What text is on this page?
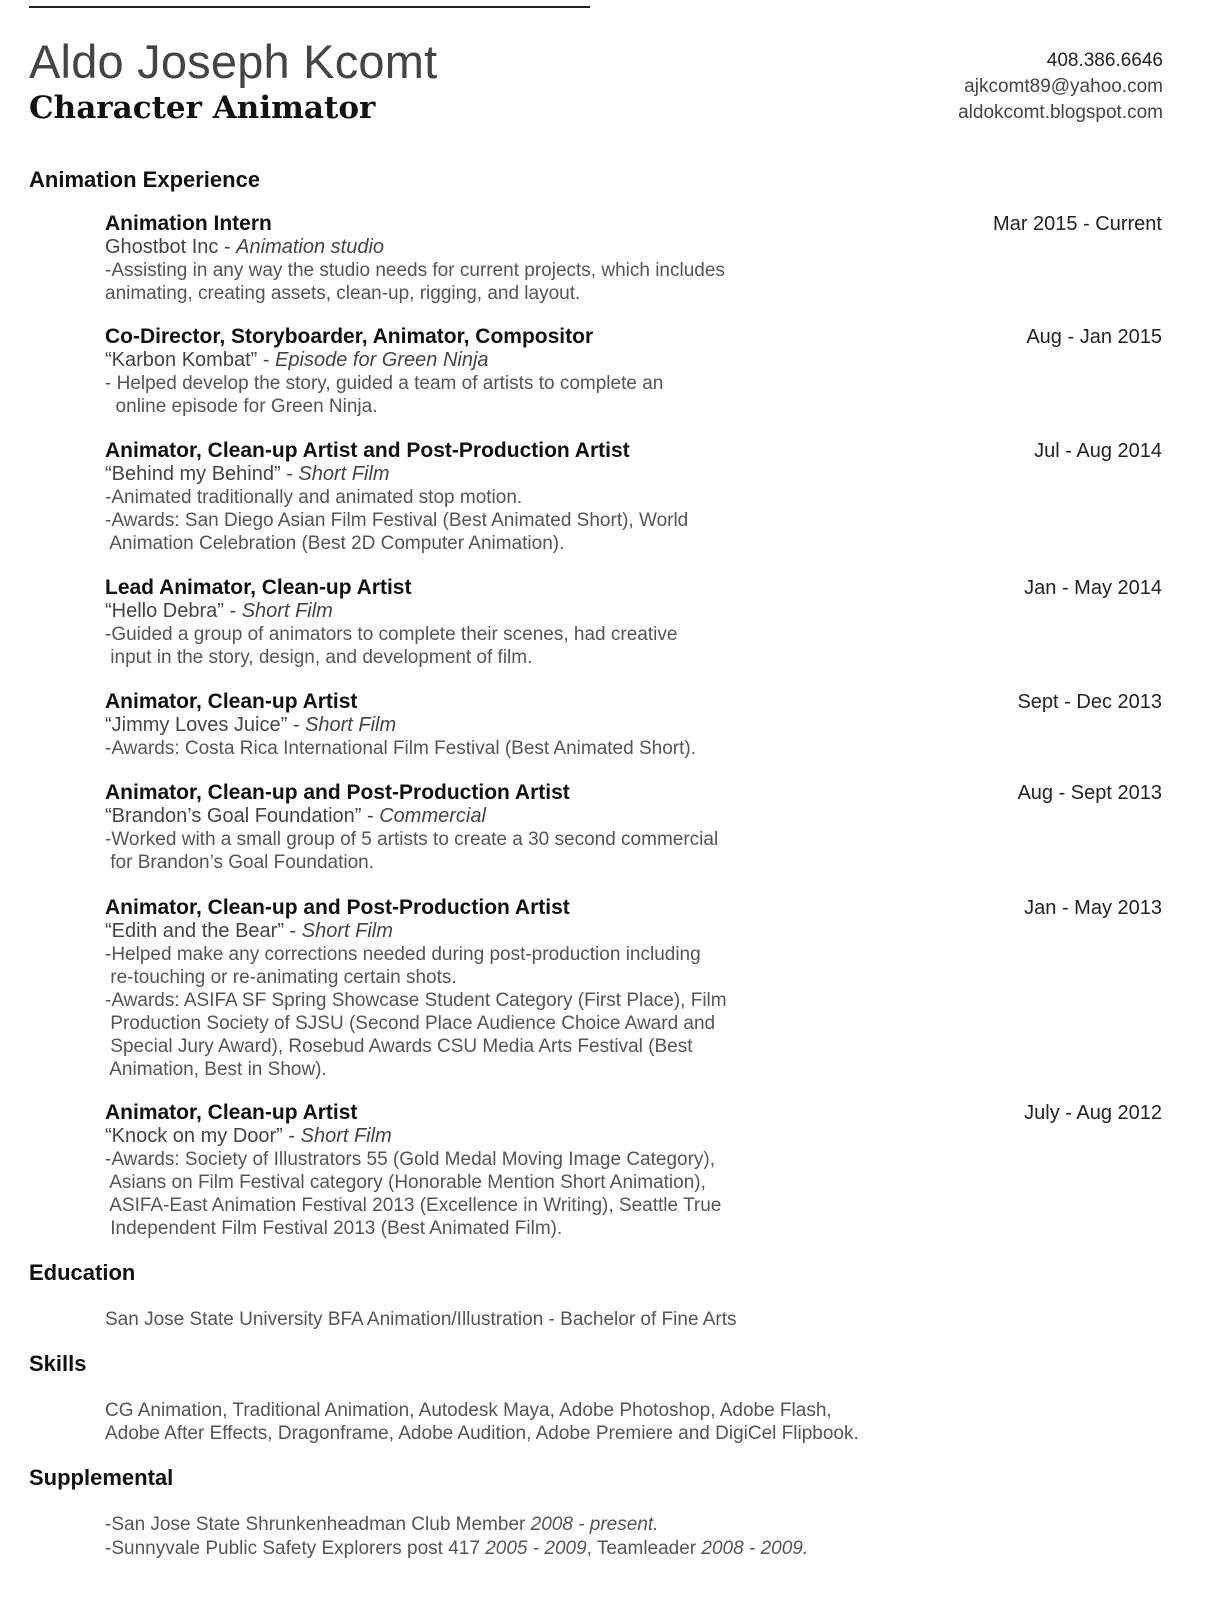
Aldo Joseph Kcomt
Character Animator
408.386.6646
ajkcomt89@yahoo.com
aldokcomt.blogspot.com
Animation Experience
Animation Intern	Mar 2015 - Current
Ghostbot Inc - Animation studio
-Assisting in any way the studio needs for current projects, which includes
animating, creating assets, clean-up, rigging, and layout.
Co-Director, Storyboarder, Animator, Compositor	Aug - Jan 2015
“Karbon Kombat” - Episode for Green Ninja
- Helped develop the story, guided a team of artists to complete an
online episode for Green Ninja.
Animator, Clean-up Artist and Post-Production Artist	Jul - Aug 2014
“Behind my Behind” - Short Film
-Animated traditionally and animated stop motion.
-Awards: San Diego Asian Film Festival (Best Animated Short), World
Animation Celebration (Best 2D Computer Animation).
Lead Animator, Clean-up Artist	Jan - May 2014
“Hello Debra” - Short Film
-Guided a group of animators to complete their scenes, had creative
input in the story, design, and development of film.
Animator, Clean-up Artist	Sept - Dec 2013
“Jimmy Loves Juice” - Short Film
-Awards: Costa Rica International Film Festival (Best Animated Short).
Animator, Clean-up and Post-Production Artist	Aug - Sept 2013
“Brandon’s Goal Foundation” - Commercial
-Worked with a small group of 5 artists to create a 30 second commercial
for Brandon’s Goal Foundation.
Animator, Clean-up and Post-Production Artist	Jan - May 2013
“Edith and the Bear” - Short Film
-Helped make any corrections needed during post-production including
re-touching or re-animating certain shots.
-Awards: ASIFA SF Spring Showcase Student Category (First Place), Film
Production Society of SJSU (Second Place Audience Choice Award and
Special Jury Award), Rosebud Awards CSU Media Arts Festival (Best
Animation, Best in Show).
Animator, Clean-up Artist	July - Aug 2012
“Knock on my Door” - Short Film
-Awards: Society of Illustrators 55 (Gold Medal Moving Image Category),
Asians on Film Festival category (Honorable Mention Short Animation),
ASIFA-East Animation Festival 2013 (Excellence in Writing), Seattle True
Independent Film Festival 2013 (Best Animated Film).
Education
San Jose State University BFA Animation/Illustration - Bachelor of Fine Arts
Skills
CG Animation, Traditional Animation, Autodesk Maya, Adobe Photoshop, Adobe Flash,
Adobe After Effects, Dragonframe, Adobe Audition, Adobe Premiere and DigiCel Flipbook.
Supplemental
-San Jose State Shrunkenheadman Club Member 2008 - present.
-Sunnyvale Public Safety Explorers post 417 2005 - 2009, Teamleader 2008 - 2009.
